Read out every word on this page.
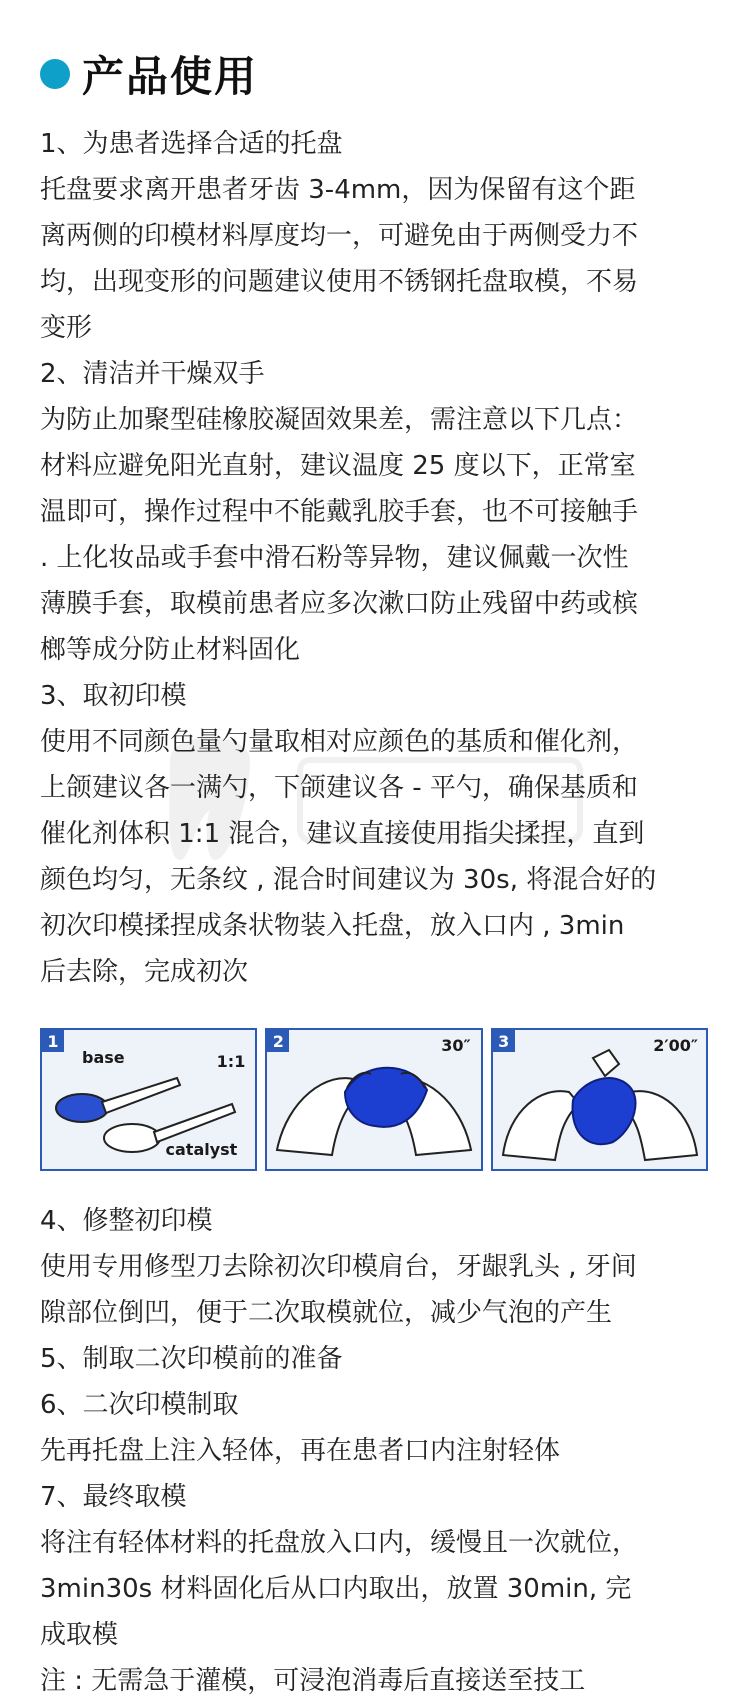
产品使用
1、为患者选择合适的托盘
托盘要求离开患者牙齿 3-4mm，因为保留有这个距
离两侧的印模材料厚度均一，可避免由于两侧受力不
均，出现变形的问题建议使用不锈钢托盘取模，不易
变形
2、清洁并干燥双手
为防止加聚型硅橡胶凝固效果差，需注意以下几点：
材料应避免阳光直射，建议温度 25 度以下，正常室
温即可，操作过程中不能戴乳胶手套，也不可接触手
. 上化妆品或手套中滑石粉等异物，建议佩戴一次性
薄膜手套，取模前患者应多次漱口防止残留中药或槟
榔等成分防止材料固化
3、取初印模
使用不同颜色量勺量取相对应颜色的基质和催化剂，
上颌建议各一满勺，下颌建议各 - 平勺，确保基质和
催化剂体积 1:1 混合，建议直接使用指尖揉捏，直到
颜色均匀，无条纹 , 混合时间建议为 30s, 将混合好的
初次印模揉捏成条状物装入托盘，放入口内 , 3min
后去除，完成初次
1
base	1:1
catalyst
2	30″	3	2′00″
4、修整初印模
使用专用修型刀去除初次印模肩台，牙龈乳头 , 牙间
隙部位倒凹，便于二次取模就位，减少气泡的产生
5、制取二次印模前的准备
6、二次印模制取
先再托盘上注入轻体，再在患者口内注射轻体
7、最终取模
将注有轻体材料的托盘放入口内，缓慢且一次就位，
3min30s 材料固化后从口内取出，放置 30min, 完
成取模
注 : 无需急于灌模，可浸泡消毒后直接送至技工
